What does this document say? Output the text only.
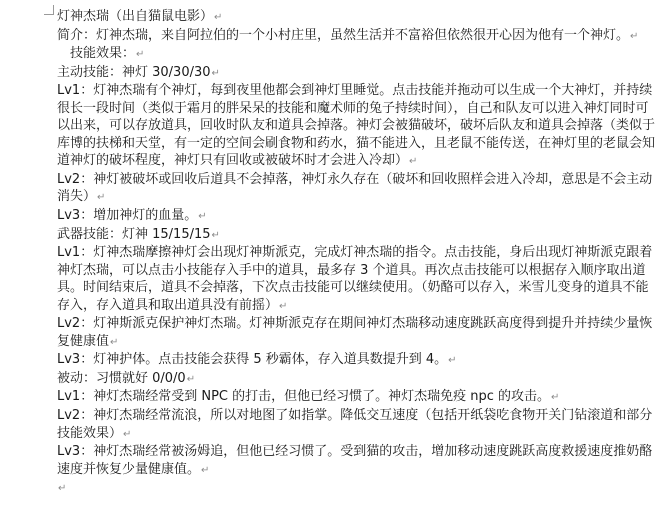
灯神杰瑞（出自猫鼠电影） ↵

简介：灯神杰瑞，来自阿拉伯的一个小村庄里，虽然生活并不富裕但依然很开心因为他有一个神灯。 ↵

技能效果： ↵

主动技能：神灯 30/30/30 ↵

Lv1：灯神杰瑞有个神灯，每到夜里他都会到神灯里睡觉。点击技能并拖动可以生成一个大神灯，并持续很长一段时间（类似于霜月的胖呆呆的技能和魔术师的兔子持续时间），自己和队友可以进入神灯同时可以出来，可以存放道具，回收时队友和道具会掉落。神灯会被猫破坏，破坏后队友和道具会掉落（类似于库博的扶梯和天堂，有一定的空间会刷食物和药水，猫不能进入，且老鼠不能传送，在神灯里的老鼠会知道神灯的破坏程度，神灯只有回收或被破坏时才会进入冷却） ↵

Lv2：神灯被破坏或回收后道具不会掉落，神灯永久存在（破坏和回收照样会进入冷却，意思是不会主动消失） ↵

Lv3：增加神灯的血量。 ↵

武器技能：灯神 15/15/15 ↵

Lv1：灯神杰瑞摩擦神灯会出现灯神斯派克，完成灯神杰瑞的指令。点击技能，身后出现灯神斯派克跟着神灯杰瑞，可以点击小技能存入手中的道具，最多存 3 个道具。再次点击技能可以根据存入顺序取出道具。时间结束后，道具不会掉落，下次点击技能可以继续使用。（奶酪可以存入，米雪儿变身的道具不能存入，存入道具和取出道具没有前摇） ↵

Lv2：灯神斯派克保护神灯杰瑞。灯神斯派克存在期间神灯杰瑞移动速度跳跃高度得到提升并持续少量恢复健康值 ↵

Lv3：灯神护体。点击技能会获得 5 秒霸体，存入道具数提升到 4。 ↵

被动：习惯就好 0/0/0 ↵

Lv1：神灯杰瑞经常受到 NPC 的打击，但他已经习惯了。神灯杰瑞免疫 npc 的攻击。 ↵

Lv2：神灯杰瑞经常流浪，所以对地图了如指掌。降低交互速度（包括开纸袋吃食物开关门钻滚道和部分技能效果） ↵

Lv3：神灯杰瑞经常被汤姆追，但他已经习惯了。受到猫的攻击，增加移动速度跳跃高度救援速度推奶酪速度并恢复少量健康值。 ↵

↵
